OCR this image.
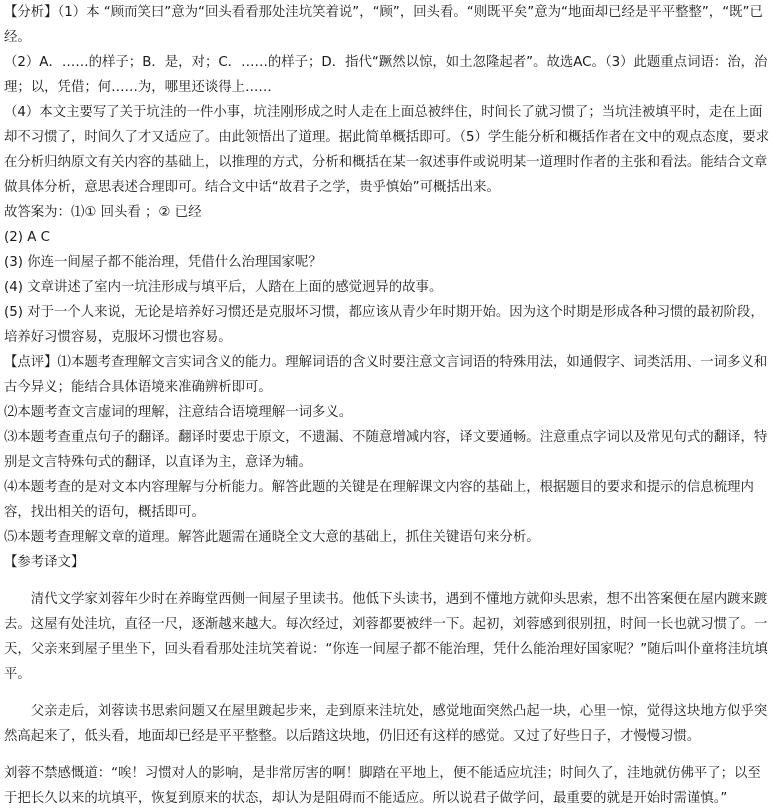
​

【分析】（1）本 “顾而笑曰”意为“回头看看那处洼坑笑着说”，“顾”，回头看。“则既平矣”意为“地面却已经是平平整整”，“既”已经。

（2）A．……的样子；B．是，对；C．……的样子；D．指代“蹶然以惊，如土忽隆起者”。故选AC。（3）此题重点词语：治，治理；以，凭借；何……为，哪里还谈得上……

（4）本文主要写了关于坑洼的一件小事，坑洼刚形成之时人走在上面总被绊住，时间长了就习惯了；当坑洼被填平时，走在上面却不习惯了，时间久了才又适应了。由此领悟出了道理。据此简单概括即可。（5）学生能分析和概括作者在文中的观点态度，要求在分析归纳原文有关内容的基础上，以推理的方式，分析和概括在某一叙述事件或说明某一道理时作者的主张和看法。能结合文章做具体分析，意思表述合理即可。结合文中话“故君子之学，贵乎慎始”可概括出来。

故答案为：⑴① 回头看 ；② 已经

(2) A C

(3) 你连一间屋子都不能治理，凭借什么治理国家呢？

(4) 文章讲述了室内一坑洼形成与填平后，人踏在上面的感觉迥异的故事。

(5) 对于一个人来说，无论是培养好习惯还是克服坏习惯，都应该从青少年时期开始。因为这个时期是形成各种习惯的最初阶段，培养好习惯容易，克服坏习惯也容易。

【点评】⑴本题考查理解文言实词含义的能力。理解词语的含义时要注意文言词语的特殊用法，如通假字、词类活用、一词多义和古今异义；能结合具体语境来准确辨析即可。

⑵本题考查文言虚词的理解，注意结合语境理解一词多义。

⑶本题考查重点句子的翻译。翻译时要忠于原文，不遗漏、不随意增减内容，译文要通畅。注意重点字词以及常见句式的翻译，特别是文言特殊句式的翻译，以直译为主，意译为辅。

⑷本题考查的是对文本内容理解与分析能力。解答此题的关键是在理解课文内容的基础上，根据题目的要求和提示的信息梳理内容，找出相关的语句，概括即可。

⑸本题考查理解文章的道理。解答此题需在通晓全文大意的基础上，抓住关键语句来分析。

【参考译文】

清代文学家刘蓉年少时在养晦堂西侧一间屋子里读书。他低下头读书，遇到不懂地方就仰头思索，想不出答案便在屋内踱来踱去。这屋有处洼坑，直径一尺，逐渐越来越大。每次经过，刘蓉都要被绊一下。起初，刘蓉感到很别扭，时间一长也就习惯了。一天，父亲来到屋子里坐下，回头看看那处洼坑笑着说：“你连一间屋子都不能治理，凭什么能治理好国家呢？”随后叫仆童将洼坑填平。

父亲走后，刘蓉读书思索问题又在屋里踱起步来，走到原来洼坑处，感觉地面突然凸起一块，心里一惊，觉得这块地方似乎突然高起来了，低头看，地面却已经是平平整整。以后踏这块地，仍旧还有这样的感觉。又过了好些日子，才慢慢习惯。

刘蓉不禁感慨道：“唉！习惯对人的影响，是非常厉害的啊！脚踏在平地上，便不能适应坑洼；时间久了，洼地就仿佛平了；以至于把长久以来的坑填平，恢复到原来的状态，却认为是阻碍而不能适应。所以说君子做学问，最重要的就是开始时需谨慎。”
